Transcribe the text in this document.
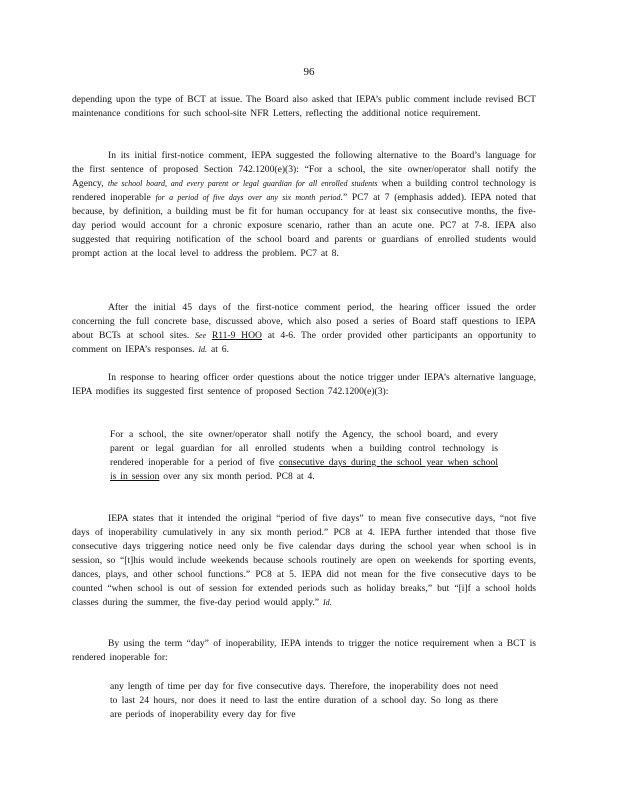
96

depending upon the type of BCT at issue. The Board also asked that IEPA’s public comment include revised BCT maintenance conditions for such school-site NFR Letters, reflecting the additional notice requirement.

In its initial first-notice comment, IEPA suggested the following alternative to the Board’s language for the first sentence of proposed Section 742.1200(e)(3): “For a school, the site owner/operator shall notify the Agency, the school board, and every parent or legal guardian for all enrolled students when a building control technology is rendered inoperable for a period of five days over any six month period.” PC7 at 7 (emphasis added). IEPA noted that because, by definition, a building must be fit for human occupancy for at least six consecutive months, the five-day period would account for a chronic exposure scenario, rather than an acute one. PC7 at 7-8. IEPA also suggested that requiring notification of the school board and parents or guardians of enrolled students would prompt action at the local level to address the problem. PC7 at 8.

After the initial 45 days of the first-notice comment period, the hearing officer issued the order concerning the full concrete base, discussed above, which also posed a series of Board staff questions to IEPA about BCTs at school sites. See R11-9 HOO at 4-6. The order provided other participants an opportunity to comment on IEPA’s responses. Id. at 6.

In response to hearing officer order questions about the notice trigger under IEPA’s alternative language, IEPA modifies its suggested first sentence of proposed Section 742.1200(e)(3):

For a school, the site owner/operator shall notify the Agency, the school board, and every parent or legal guardian for all enrolled students when a building control technology is rendered inoperable for a period of five consecutive days during the school year when school is in session over any six month period. PC8 at 4.

IEPA states that it intended the original “period of five days” to mean five consecutive days, “not five days of inoperability cumulatively in any six month period.” PC8 at 4. IEPA further intended that those five consecutive days triggering notice need only be five calendar days during the school year when school is in session, so “[t]his would include weekends because schools routinely are open on weekends for sporting events, dances, plays, and other school functions.” PC8 at 5. IEPA did not mean for the five consecutive days to be counted “when school is out of session for extended periods such as holiday breaks,” but “[i]f a school holds classes during the summer, the five-day period would apply.” Id.

By using the term “day” of inoperability, IEPA intends to trigger the notice requirement when a BCT is rendered inoperable for:

any length of time per day for five consecutive days. Therefore, the inoperability does not need to last 24 hours, nor does it need to last the entire duration of a school day. So long as there are periods of inoperability every day for five
